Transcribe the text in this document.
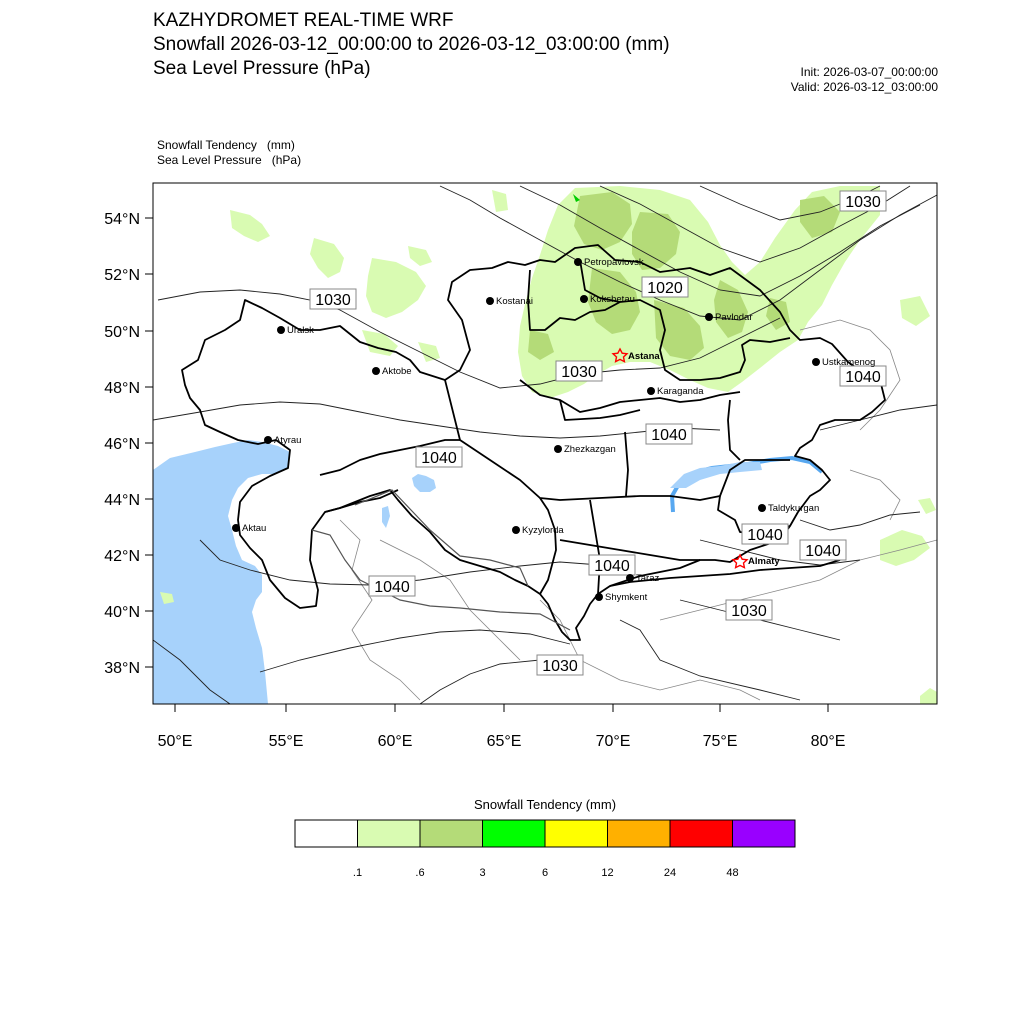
KAZHYDROMET REAL-TIME WRF
Snowfall 2026-03-12_00:00:00 to 2026-03-12_03:00:00 (mm)
Sea Level Pressure (hPa)	Init: 2026-03-07_00:00:00
Valid: 2026-03-12_03:00:00
Snowfall Tendency   (mm)
Sea Level Pressure   (hPa)
54°N
52°N
50°N
48°N
46°N
44°N
42°N
40°N
38°N
50°E	55°E	60°E	65°E	70°E	75°E	80°E
1030
1030
1020
1030	1040
1040
1040
1040
1040
1040
1040
1030
1030
Petropavlovsk
Kostanai	Kokshetau
Uralsk
Pavlodar
Astana
Aktobe
Ustkamenog
Karaganda
Atyrau
Zhezkazgan
Aktau	Kyzylorda
Taldykurgan
Almaty
Taraz
Shymkent
Snowfall Tendency (mm)
.1	.6	3	6	12	24	48
